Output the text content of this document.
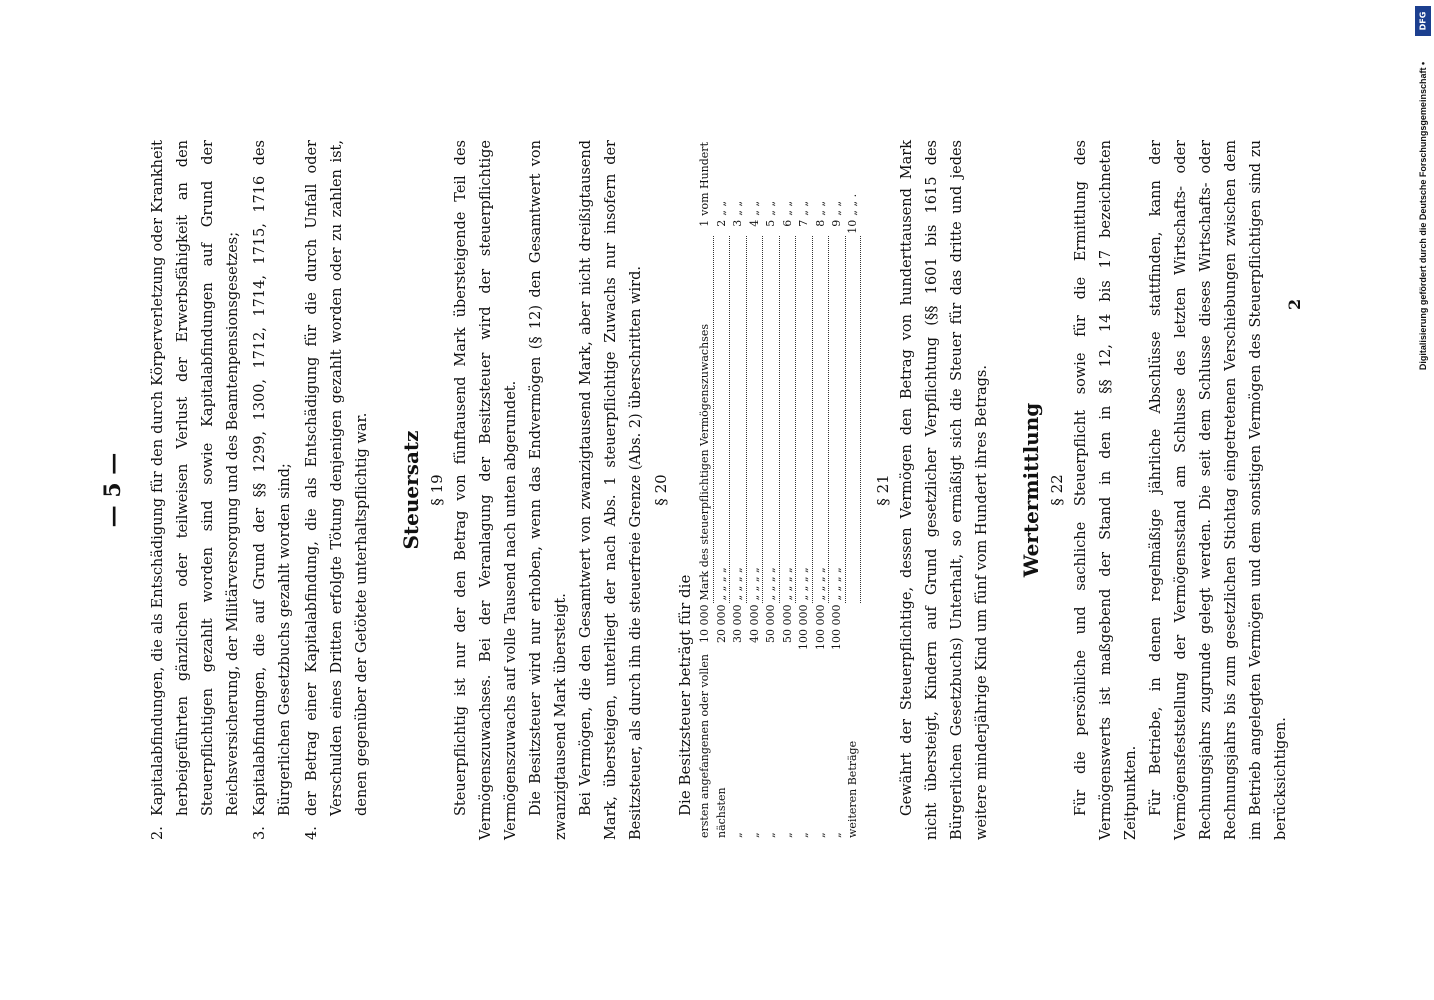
— 5 —
2.
Kapitalabfindungen, die als Entschädigung für den durch Körperverletzung oder Krankheit herbeigeführten gänzlichen oder teilweisen Verlust der Erwerbsfähigkeit an den Steuerpflichtigen gezahlt worden sind sowie Kapitalabfindungen auf Grund der Reichsversicherung, der Militärversorgung und des Beamtenpensionsgesetzes;
3.
Kapitalabfindungen, die auf Grund der §§ 1299, 1300, 1712, 1714, 1715, 1716 des Bürgerlichen Gesetzbuchs gezahlt worden sind;
4.
der Betrag einer Kapitalabfindung, die als Entschädigung für die durch Unfall oder Verschulden eines Dritten erfolgte Tötung denjenigen gezahlt worden oder zu zahlen ist, denen gegenüber der Getötete unterhaltspflichtig war. Steuersatz § 19 Steuerpflichtig ist nur der den Betrag von fünftausend Mark übersteigende Teil des Vermögenszuwachses. Bei der Veranlagung der Besitzsteuer wird der steuerpflichtige Vermögenszuwachs auf volle Tausend nach unten abgerundet. Die Besitzsteuer wird nur erhoben, wenn das Endvermögen (§ 12) den Gesamtwert von zwanzigtausend Mark übersteigt. Bei Vermögen, die den Gesamtwert von zwanzigtausend Mark, aber nicht dreißigtausend Mark, übersteigen, unterliegt der nach Abs. 1 steuerpflichtige Zuwachs nur insofern der Besitzsteuer, als durch ihn die steuerfreie Grenze (Abs. 2) überschritten wird. § 20
Die Besitzsteuer beträgt für die ersten angefangenen oder vollen	10 000	Mark des steuerpflichtigen Vermögenszuwachses	1	vom Hundert
nächsten	20 000	„ „ „ „	2	„ „
„	30 000	„ „ „ „	3	„ „
„	40 000	„ „ „ „	4	„ „
„	50 000	„ „ „ „	5	„ „
„	50 000	„ „ „ „	6	„ „
„	100 000	„ „ „ „	7	„ „
„	100 000	„ „ „ „	8	„ „
„	100 000	„ „ „ „	9	„ „
weiteren Beträge			10	„ „ .
§ 21 Gewährt der Steuerpflichtige, dessen Vermögen den Betrag von hunderttausend Mark nicht übersteigt, Kindern auf Grund gesetzlicher Verpflichtung (§§ 1601 bis 1615 des Bürgerlichen Gesetzbuchs) Unterhalt, so ermäßigt sich die Steuer für das dritte und jedes weitere minderjährige Kind um fünf vom Hundert ihres Betrags. Wertermittlung § 22 Für die persönliche und sachliche Steuerpflicht sowie für die Ermittlung des Vermögenswerts ist maßgebend der Stand in den in §§ 12, 14 bis 17 bezeichneten Zeitpunkten. Für Betriebe, in denen regelmäßige jährliche Abschlüsse stattfinden, kann der Vermögensfeststellung der Vermögensstand am Schlusse des letzten Wirtschafts- oder Rechnungsjahrs zugrunde gelegt werden. Die seit dem Schlusse dieses Wirtschafts- oder Rechnungsjahrs bis zum gesetzlichen Stichtag eingetretenen Verschiebungen zwischen dem im Betrieb angelegten Vermögen und dem sonstigen Vermögen des Steuerpflichtigen sind zu berücksichtigen.

2
DFG
Digitalisierung gefördert durch die Deutsche Forschungsgemeinschaft •
